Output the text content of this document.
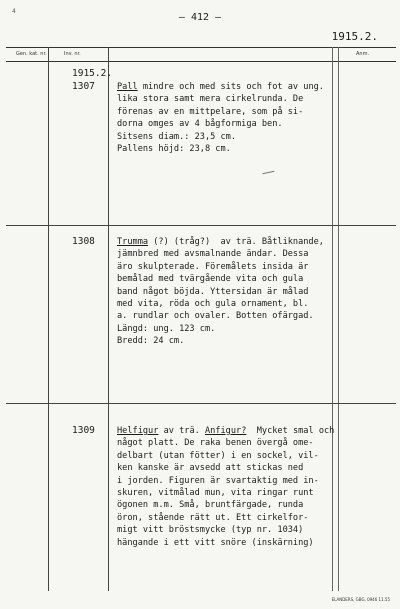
4
– 412 –
1915.2.
Gen. kat. nr.	Inv. nr.	Anm.
1915.2.
1307	Pall mindre och med sits och fot av ung.
lika stora samt mera cirkelrunda. De
förenas av en mittpelare, som på si-
dorna omges av 4 bågformiga ben.
Sitsens diam.: 23,5 cm.
Pallens höjd: 23,8 cm.
1308	Trumma (?) (tråg?)  av trä. Båtliknande,
jämnbred med avsmalnande ändar. Dessa
äro skulpterade. Föremålets insida är
bemålad med tvärgående vita och gula
band något böjda. Yttersidan är målad
med vita, röda och gula ornament, bl.
a. rundlar och ovaler. Botten ofärgad.
Längd: ung. 123 cm.
Bredd: 24 cm.
1309	Helfigur av trä. Anfigur?  Mycket smal och
något platt. De raka benen övergå ome-
delbart (utan fötter) i en sockel, vil-
ken kanske är avsedd att stickas ned
i jorden. Figuren är svartaktig med in-
skuren, vitmålad mun, vita ringar runt
ögonen m.m. Små, bruntfärgade, runda
öron, stående rätt ut. Ett cirkelfor-
migt vitt bröstsmycke (typ nr. 1034)
hängande i ett vitt snöre (inskärning)
ELANDERS, GBG, 0946 11.55
